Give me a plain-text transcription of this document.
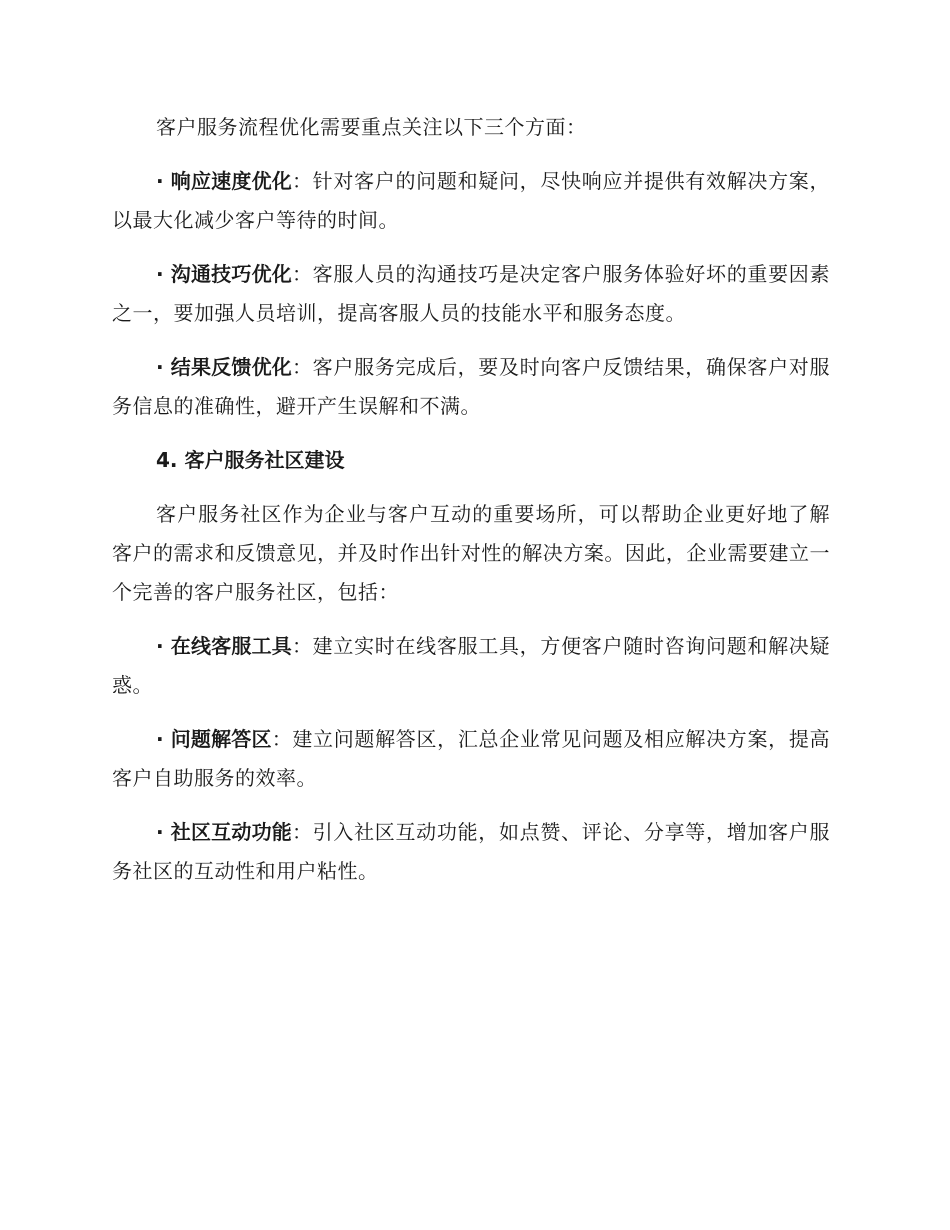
客户服务流程优化需要重点关注以下三个方面：

· 响应速度优化：针对客户的问题和疑问，尽快响应并提供有效解决方案，以最大化减少客户等待的时间。

· 沟通技巧优化：客服人员的沟通技巧是决定客户服务体验好坏的重要因素之一，要加强人员培训，提高客服人员的技能水平和服务态度。

· 结果反馈优化：客户服务完成后，要及时向客户反馈结果，确保客户对服务信息的准确性，避开产生误解和不满。

4. 客户服务社区建设

客户服务社区作为企业与客户互动的重要场所，可以帮助企业更好地了解客户的需求和反馈意见，并及时作出针对性的解决方案。因此，企业需要建立一个完善的客户服务社区，包括：

· 在线客服工具：建立实时在线客服工具，方便客户随时咨询问题和解决疑惑。

· 问题解答区：建立问题解答区，汇总企业常见问题及相应解决方案，提高客户自助服务的效率。

· 社区互动功能：引入社区互动功能，如点赞、评论、分享等，增加客户服务社区的互动性和用户粘性。
